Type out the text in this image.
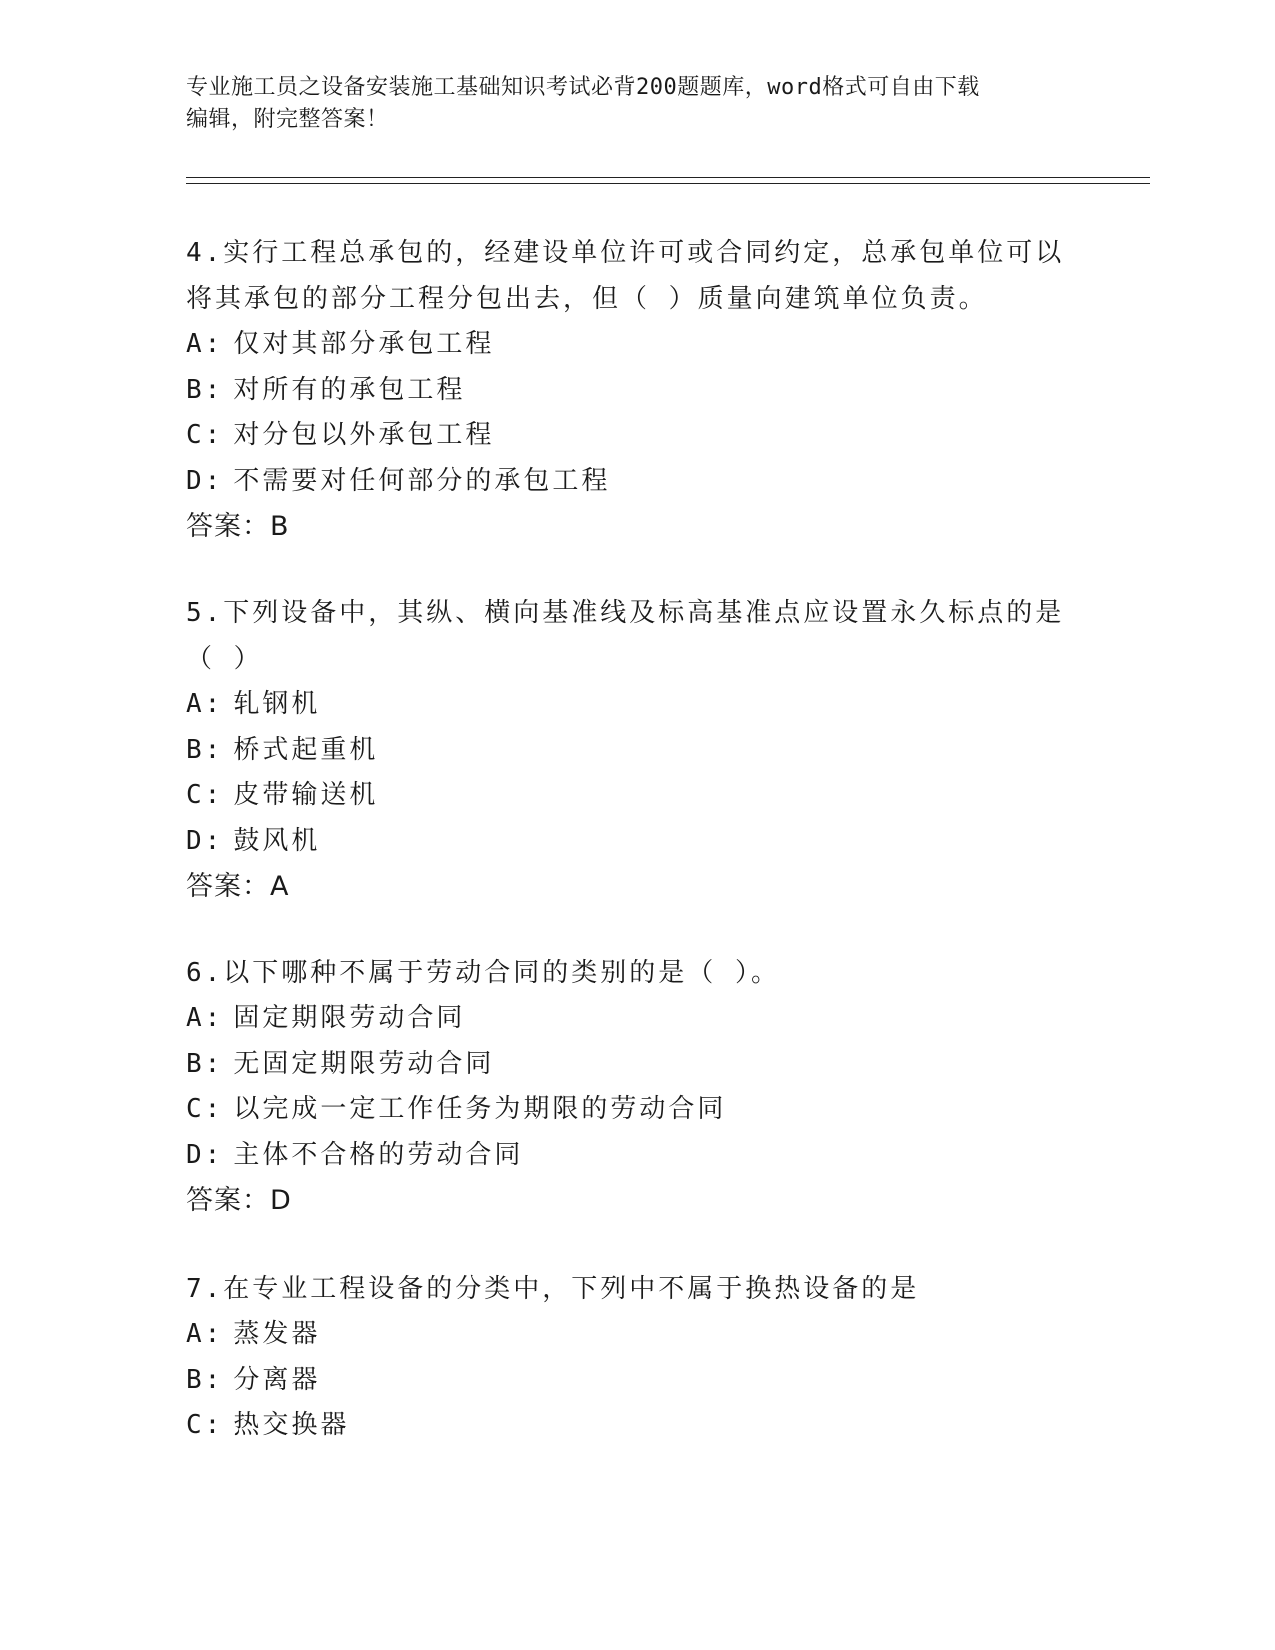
专业施工员之设备安装施工基础知识考试必背200题题库，word格式可自由下载
编辑，附完整答案！
4.实行工程总承包的，经建设单位许可或合同约定，总承包单位可以
将其承包的部分工程分包出去，但（ ）质量向建筑单位负责。
A: 仅对其部分承包工程
B: 对所有的承包工程
C: 对分包以外承包工程
D: 不需要对任何部分的承包工程
答案：B
5.下列设备中，其纵、横向基准线及标高基准点应设置永久标点的是
（ ）
A: 轧钢机
B: 桥式起重机
C: 皮带输送机
D: 鼓风机
答案：A
6.以下哪种不属于劳动合同的类别的是（ ）。
A: 固定期限劳动合同
B: 无固定期限劳动合同
C: 以完成一定工作任务为期限的劳动合同
D: 主体不合格的劳动合同
答案：D
7.在专业工程设备的分类中，下列中不属于换热设备的是
A: 蒸发器
B: 分离器
C: 热交换器
